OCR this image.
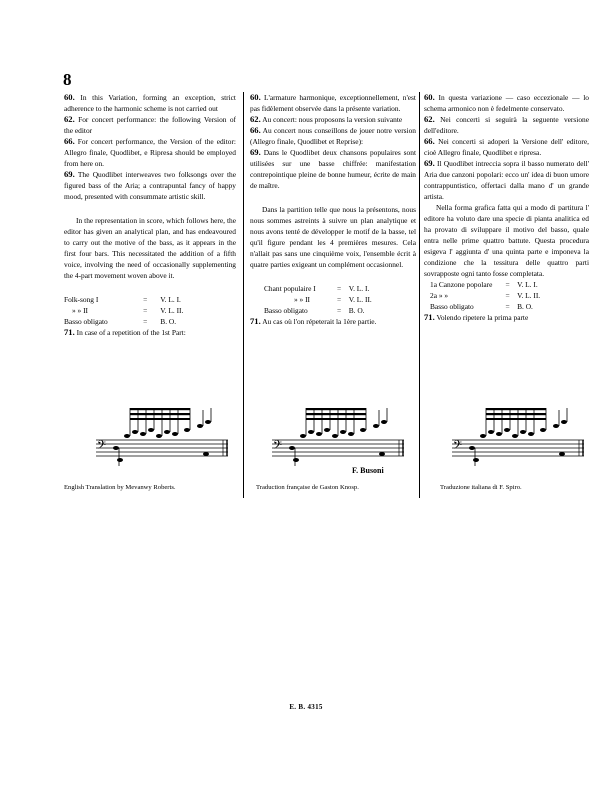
8

60. In this Variation, forming an exception, strict adherence to the harmonic scheme is not carried out

62. For concert performance: the following Version of the editor

66. For concert performance, the Version of the editor: Allegro finale, Quodlibet, e Ripresa should be employed from here on.

69. The Quodlibet interweaves two folksongs over the figured bass of the Aria; a contrapuntal fancy of happy mood, presented with consummate artistic skill.

In the representation in score, which follows here, the editor has given an analytical plan, and has endeavoured to carry out the motive of the bass, as it appears in the first four bars. This necessitated the addition of a fifth voice, involving the need of occasionally supplementing the 4-part movement woven above it.

Folk-song I	=	V. L. I.
» » II	=	V. L. II.
Basso obligato	=	B. O.

71. In case of a repetition of the 1st Part:

60. L'armature harmonique, exceptionnellement, n'est pas fidèlement observée dans la présente variation.

62. Au concert: nous proposons la version suivante

66. Au concert nous conseillons de jouer notre version (Allegro finale, Quodlibet et Reprise):

69. Dans le Quodlibet deux chansons populaires sont utilisées sur une basse chiffrée: manifestation contrepointique pleine de bonne humeur, écrite de main de maître.

Dans la partition telle que nous la présentons, nous nous sommes astreints à suivre un plan analytique et nous avons tenté de développer le motif de la basse, tel qu'il figure pendant les 4 premières mesures. Cela n'allait pas sans une cinquième voix, l'ensemble écrit à quatre parties exigeant un complément occasionnel.

Chant populaire I	=	V. L. I.
» » II	=	V. L. II.
Basso obligato	=	B. O.

71. Au cas où l'on répeterait la 1ère partie.

60. In questa variazione — caso eccezionale — lo schema armonico non è fedelmente conservato.

62. Nei concerti si seguirà la seguente versione dell'editore.

66. Nei concerti si adoperi la Versione dell' editore, cioè Allegro finale, Quodlibet e ripresa.

69. Il Quodlibet intreccia sopra il basso numerato dell' Aria due canzoni popolari: ecco un' idea di buon umore contrappuntistico, offertaci dalla mano d' un grande artista.

Nella forma grafica fatta qui a modo di partitura l' editore ha voluto dare una specie di pianta analitica ed ha provato di sviluppare il motivo del basso, quale entra nelle prime quattro battute. Questa procedura esigeva l' aggiunta d' una quinta parte e imponeva la condizione che la tessitura delle quattro parti sovrapposte ogni tanto fosse completata.

1a Canzone popolare	=	V. L. I.
2a » »	=	V. L. II.
Basso obligato	=	B. O.

71. Volendo ripetere la prima parte

𝄢	𝄢	𝄢
F. Busoni
English Translation by Mevanwy Roberts.	Traduction française de Gaston Knosp.	Traduzione italiana di F. Spiro.
E. B. 4315
